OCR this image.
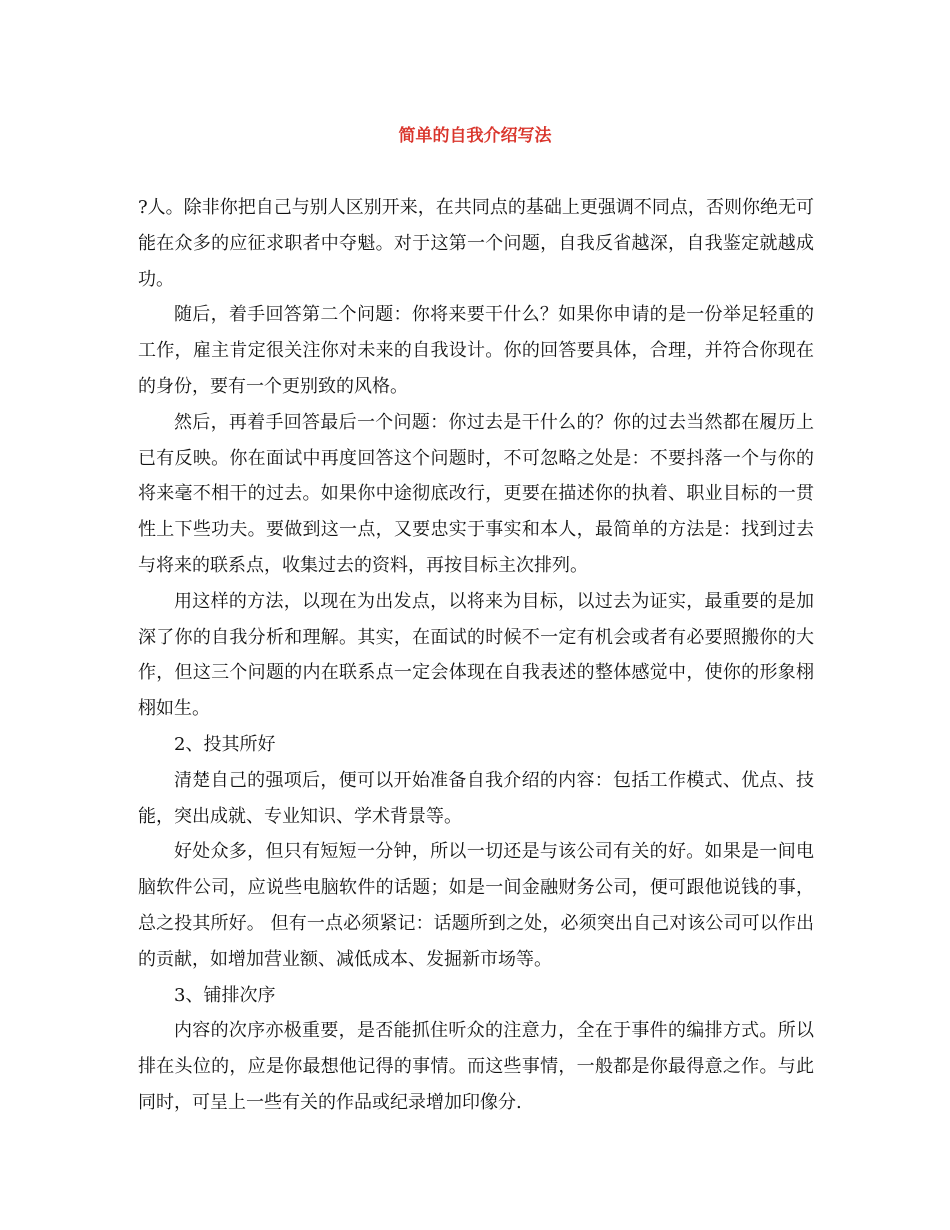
简单的自我介绍写法

?人。除非你把自己与别人区别开来，在共同点的基础上更强调不同点，否则你绝无可能在众多的应征求职者中夺魁。对于这第一个问题，自我反省越深，自我鉴定就越成功。

随后，着手回答第二个问题：你将来要干什么？如果你申请的是一份举足轻重的工作，雇主肯定很关注你对未来的自我设计。你的回答要具体，合理，并符合你现在的身份，要有一个更别致的风格。

然后，再着手回答最后一个问题：你过去是干什么的？你的过去当然都在履历上已有反映。你在面试中再度回答这个问题时，不可忽略之处是：不要抖落一个与你的将来毫不相干的过去。如果你中途彻底改行，更要在描述你的执着、职业目标的一贯性上下些功夫。要做到这一点，又要忠实于事实和本人，最简单的方法是：找到过去与将来的联系点，收集过去的资料，再按目标主次排列。

用这样的方法，以现在为出发点，以将来为目标，以过去为证实，最重要的是加深了你的自我分析和理解。其实，在面试的时候不一定有机会或者有必要照搬你的大作，但这三个问题的内在联系点一定会体现在自我表述的整体感觉中，使你的形象栩栩如生。

2、投其所好

清楚自己的强项后，便可以开始准备自我介绍的内容：包括工作模式、优点、技能，突出成就、专业知识、学术背景等。

好处众多，但只有短短一分钟，所以一切还是与该公司有关的好。如果是一间电脑软件公司，应说些电脑软件的话题；如是一间金融财务公司，便可跟他说钱的事，总之投其所好。 但有一点必须紧记：话题所到之处，必须突出自己对该公司可以作出的贡献，如增加营业额、减低成本、发掘新市场等。

3、铺排次序

内容的次序亦极重要，是否能抓住听众的注意力，全在于事件的编排方式。所以排在头位的，应是你最想他记得的事情。而这些事情，一般都是你最得意之作。与此同时，可呈上一些有关的作品或纪录增加印像分.
